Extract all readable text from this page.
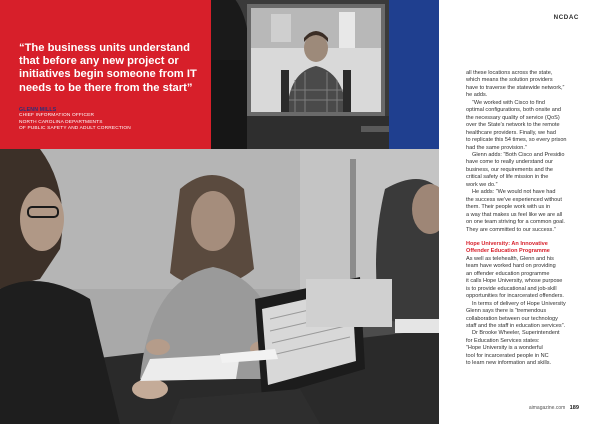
“The business units understand that before any new project or initiatives begin someone from IT needs to be there from the start”

GLENN MILLS

CHIEF INFORMATION OFFICER

NORTH CAROLINA DEPARTMENTS

OF PUBLIC SAFETY AND ADULT CORRECTION

NCDAC

all these locations across the state,

which means the solution providers

have to traverse the statewide network,”

he adds.

“We worked with Cisco to find

optimal configurations, both onsite and

the necessary quality of service (QoS)

over the State’s network to the remote

healthcare providers. Finally, we had

to replicate this 54 times, so every prison

had the same provision.”

Glenn adds: “Both Cisco and Presidio

have come to really understand our

business, our requirements and the

critical safety of life mission in the

work we do.”

He adds: “We would not have had

the success we’ve experienced without

them. Their people work with us in

a way that makes us feel like we are all

on one team striving for a common goal.

They are committed to our success.”

Hope University: An Innovative

Offender Education Programme

As well as telehealth, Glenn and his

team have worked hard on providing

an offender education programme

it calls Hope University, whose purpose

is to provide educational and job-skill

opportunities for incarcerated offenders.

In terms of delivery of Hope University

Glenn says there is “tremendous

collaboration between our technology

staff and the staff in education services”.

Dr Brooke Wheeler, Superintendent

for Education Services states:

“Hope University is a wonderful

tool for incarcerated people in NC

to learn new information and skills.

aimagazine.com 189
